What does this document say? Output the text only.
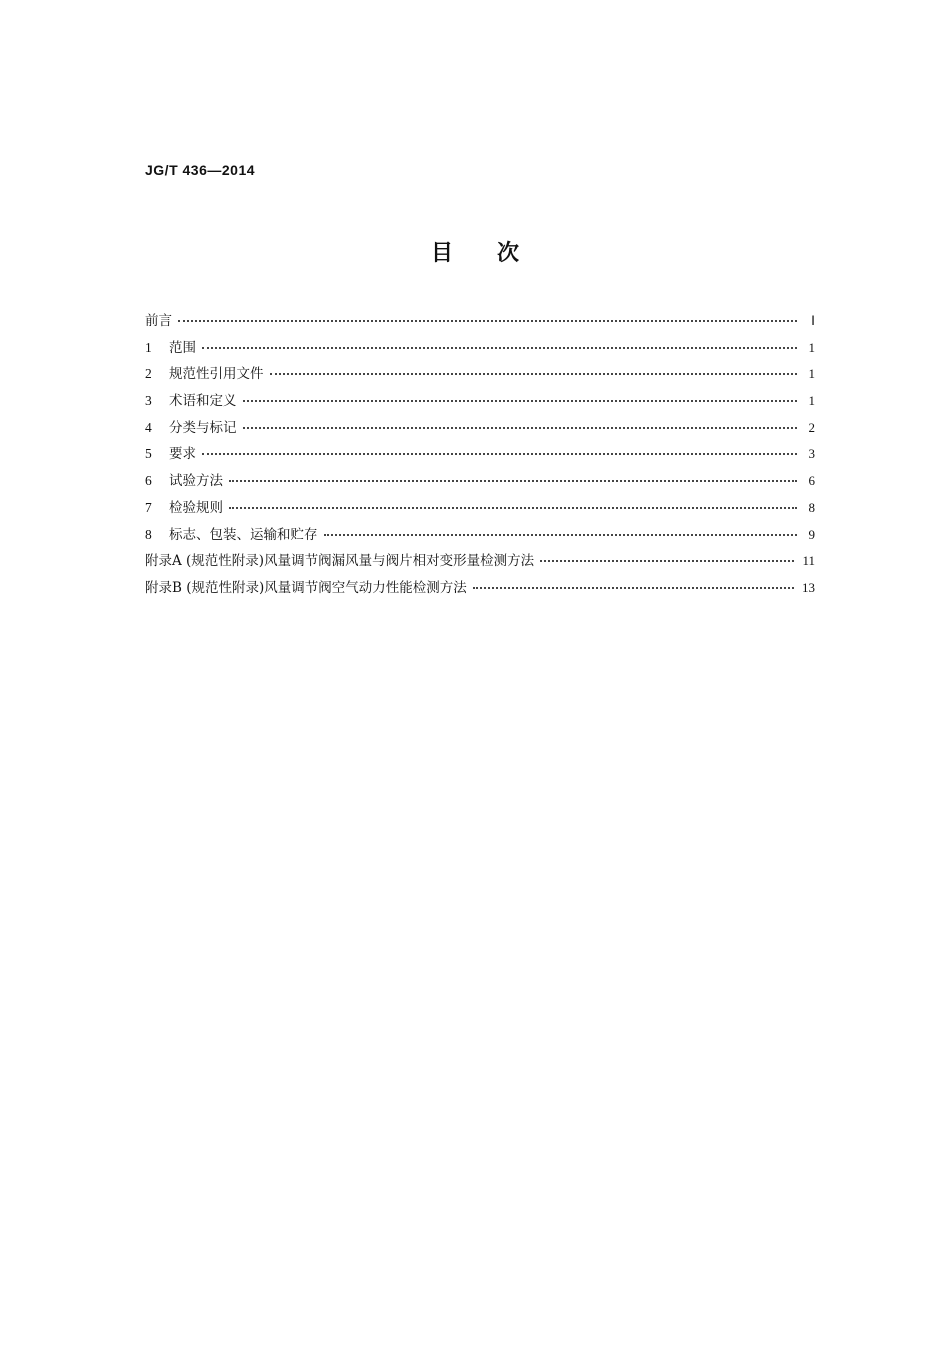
JG/T 436—2014
目次
前言	Ⅰ
1 范围	1
2 规范性引用文件	1
3 术语和定义	1
4 分类与标记	2
5 要求	3
6 试验方法	6
7 检验规则	8
8 标志、包装、运输和贮存	9
附录A (规范性附录)风量调节阀漏风量与阀片相对变形量检测方法	11
附录B (规范性附录)风量调节阀空气动力性能检测方法	13
